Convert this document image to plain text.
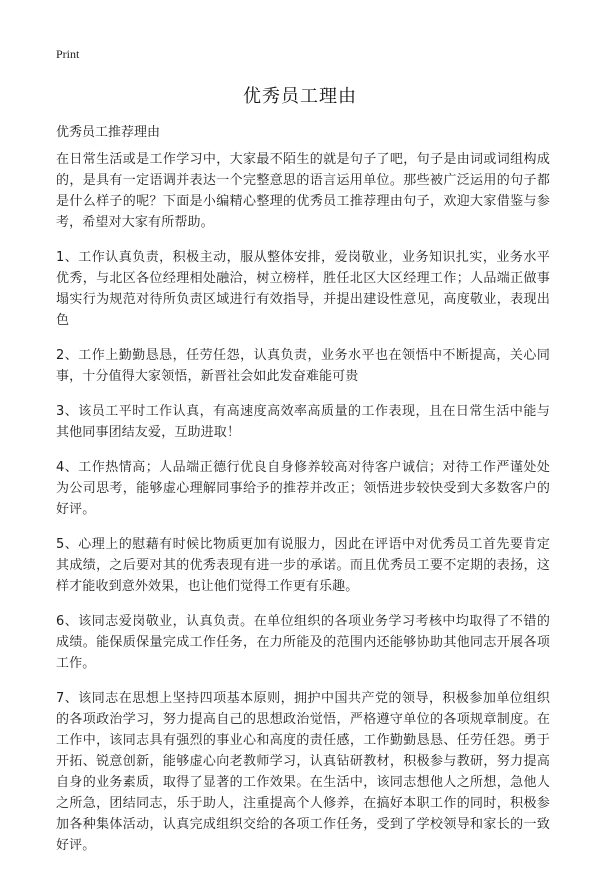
Print
优秀员工理由

优秀员工推荐理由

在日常生活或是工作学习中，大家最不陌生的就是句子了吧，句子是由词或词组构成的，是具有一定语调并表达一个完整意思的语言运用单位。那些被广泛运用的句子都是什么样子的呢？下面是小编精心整理的优秀员工推荐理由句子，欢迎大家借鉴与参考，希望对大家有所帮助。

1、工作认真负责，积极主动，服从整体安排，爱岗敬业，业务知识扎实，业务水平优秀，与北区各位经理相处融洽，树立榜样，胜任北区大区经理工作；人品端正做事塌实行为规范对待所负责区域进行有效指导，并提出建设性意见，高度敬业，表现出色

2、工作上勤勤恳恳，任劳任怨，认真负责，业务水平也在领悟中不断提高，关心同事，十分值得大家领悟，新晋社会如此发奋难能可贵

3、该员工平时工作认真，有高速度高效率高质量的工作表现，且在日常生活中能与其他同事团结友爱，互助进取！

4、工作热情高；人品端正德行优良自身修养较高对待客户诚信；对待工作严谨处处为公司思考，能够虚心理解同事给予的推荐并改正；领悟进步较快受到大多数客户的好评。

5、心理上的慰藉有时候比物质更加有说服力，因此在评语中对优秀员工首先要肯定其成绩，之后要对其的优秀表现有进一步的承诺。而且优秀员工要不定期的表扬，这样才能收到意外效果，也让他们觉得工作更有乐趣。

6、该同志爱岗敬业，认真负责。在单位组织的各项业务学习考核中均取得了不错的成绩。能保质保量完成工作任务，在力所能及的范围内还能够协助其他同志开展各项工作。

7、该同志在思想上坚持四项基本原则，拥护中国共产党的领导，积极参加单位组织的各项政治学习，努力提高自己的思想政治觉悟，严格遵守单位的各项规章制度。在工作中，该同志具有强烈的事业心和高度的责任感，工作勤勤恳恳、任劳任怨。勇于开拓、锐意创新，能够虚心向老教师学习，认真钻研教材，积极参与教研，努力提高自身的业务素质，取得了显著的工作效果。在生活中，该同志想他人之所想，急他人之所急，团结同志，乐于助人，注重提高个人修养，在搞好本职工作的同时，积极参加各种集体活动，认真完成组织交给的各项工作任务，受到了学校领导和家长的一致好评。
